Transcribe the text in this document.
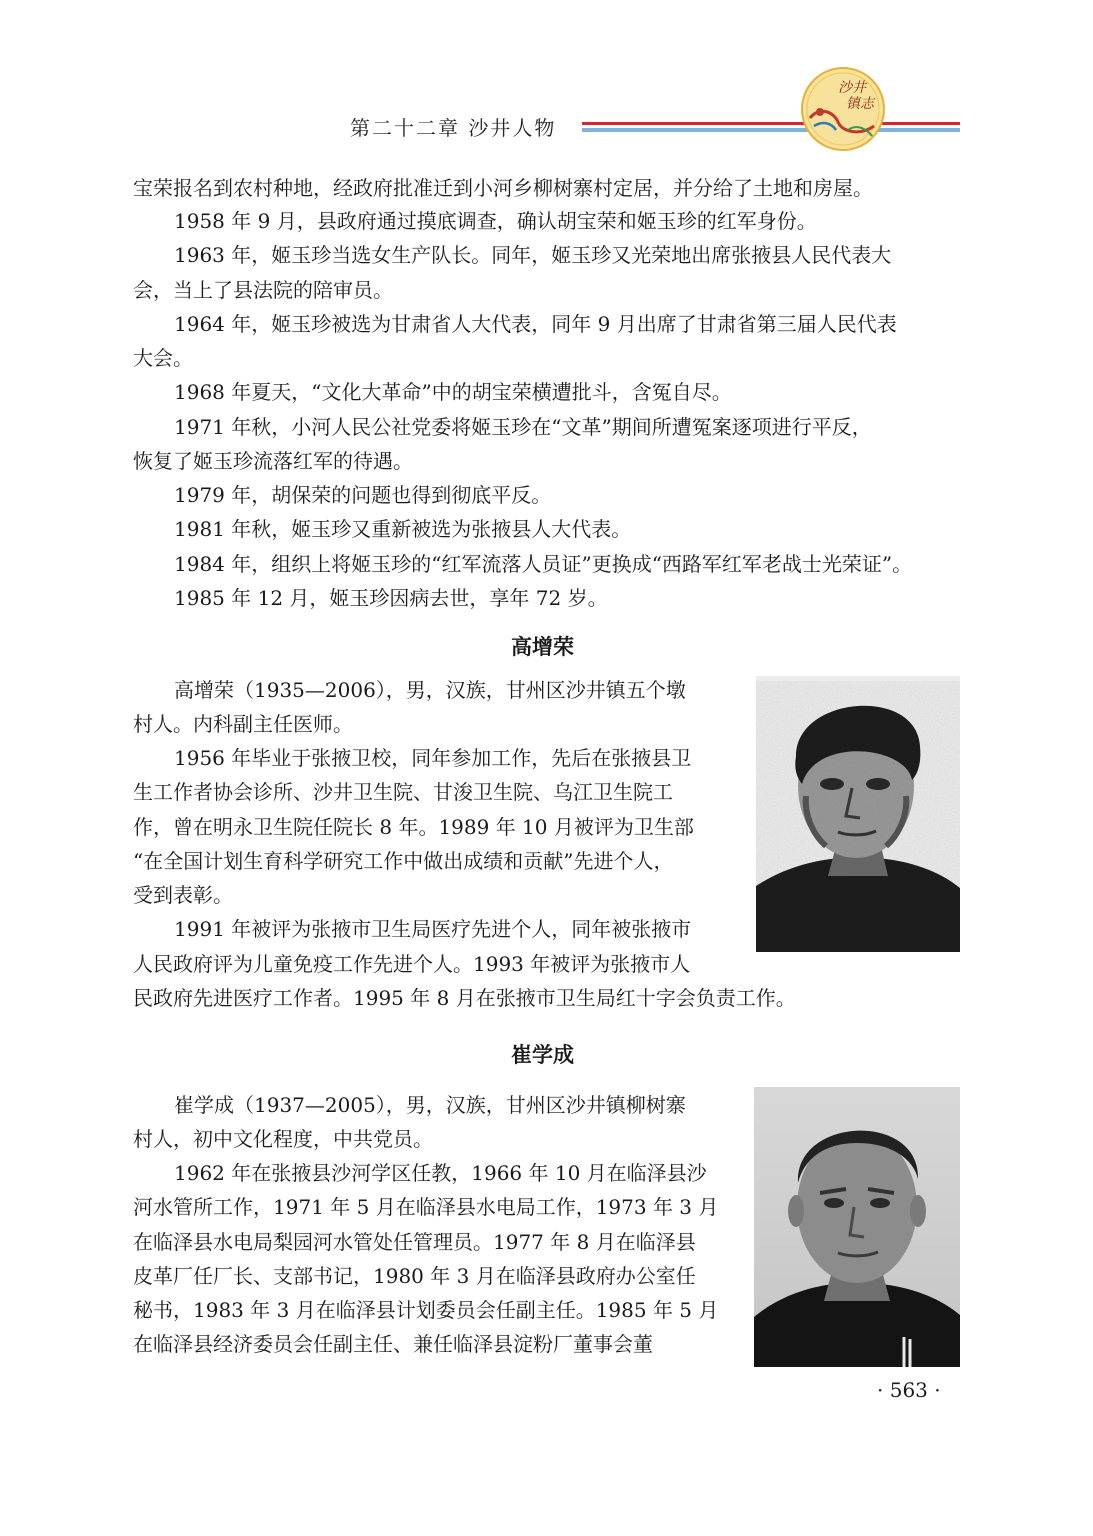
第二十二章 沙井人物
沙井
镇志
宝荣报名到农村种地，经政府批准迁到小河乡柳树寨村定居，并分给了土地和房屋。
1958 年 9 月，县政府通过摸底调查，确认胡宝荣和姬玉珍的红军身份。
1963 年，姬玉珍当选女生产队长。同年，姬玉珍又光荣地出席张掖县人民代表大
会，当上了县法院的陪审员。
1964 年，姬玉珍被选为甘肃省人大代表，同年 9 月出席了甘肃省第三届人民代表
大会。
1968 年夏天，“文化大革命”中的胡宝荣横遭批斗，含冤自尽。
1971 年秋，小河人民公社党委将姬玉珍在“文革”期间所遭冤案逐项进行平反，
恢复了姬玉珍流落红军的待遇。
1979 年，胡保荣的问题也得到彻底平反。
1981 年秋，姬玉珍又重新被选为张掖县人大代表。
1984 年，组织上将姬玉珍的“红军流落人员证”更换成“西路军红军老战士光荣证”。
1985 年 12 月，姬玉珍因病去世，享年 72 岁。
高增荣
高增荣（1935—2006），男，汉族，甘州区沙井镇五个墩
村人。内科副主任医师。
1956 年毕业于张掖卫校，同年参加工作，先后在张掖县卫
生工作者协会诊所、沙井卫生院、甘浚卫生院、乌江卫生院工
作，曾在明永卫生院任院长 8 年。1989 年 10 月被评为卫生部
“在全国计划生育科学研究工作中做出成绩和贡献”先进个人，
受到表彰。
1991 年被评为张掖市卫生局医疗先进个人，同年被张掖市
人民政府评为儿童免疫工作先进个人。1993 年被评为张掖市人
民政府先进医疗工作者。1995 年 8 月在张掖市卫生局红十字会负责工作。
崔学成
崔学成（1937—2005），男，汉族，甘州区沙井镇柳树寨
村人，初中文化程度，中共党员。
1962 年在张掖县沙河学区任教，1966 年 10 月在临泽县沙
河水管所工作，1971 年 5 月在临泽县水电局工作，1973 年 3 月
在临泽县水电局梨园河水管处任管理员。1977 年 8 月在临泽县
皮革厂任厂长、支部书记，1980 年 3 月在临泽县政府办公室任
秘书，1983 年 3 月在临泽县计划委员会任副主任。1985 年 5 月
在临泽县经济委员会任副主任、兼任临泽县淀粉厂董事会董
· 563 ·
